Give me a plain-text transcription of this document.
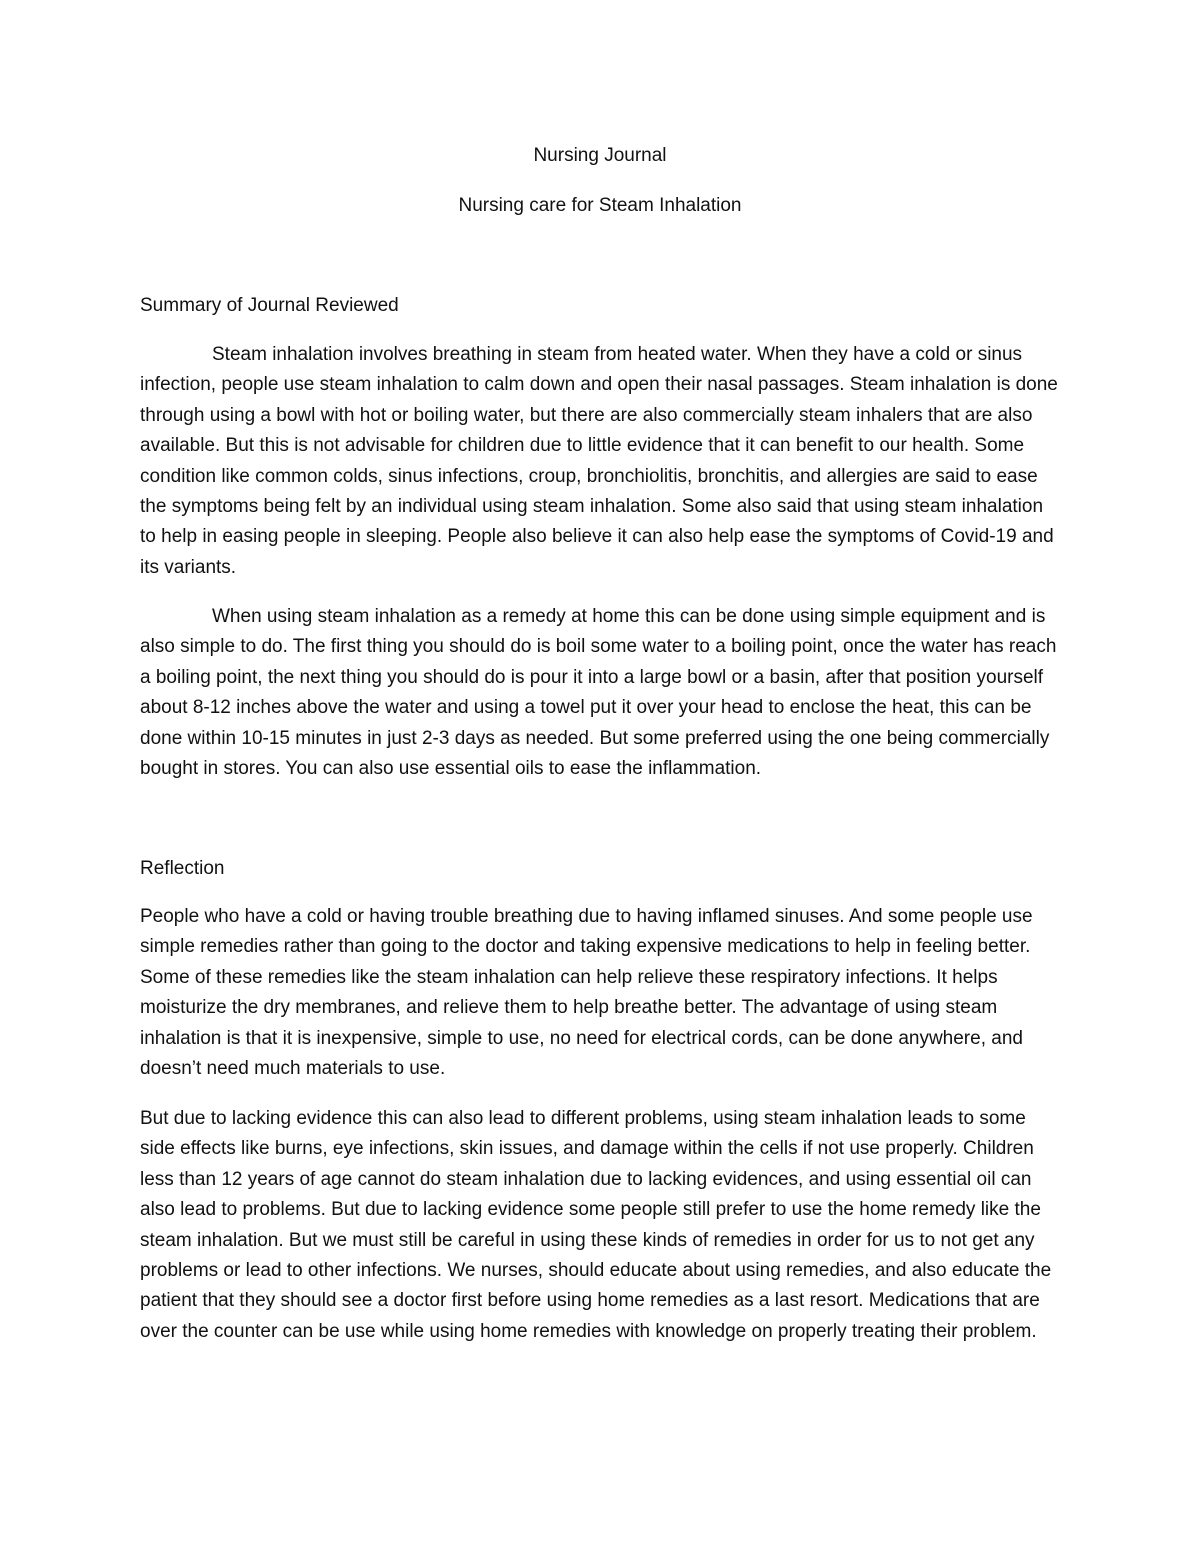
Nursing Journal
Nursing care for Steam Inhalation
Summary of Journal Reviewed

Steam inhalation involves breathing in steam from heated water. When they have a cold or sinus infection, people use steam inhalation to calm down and open their nasal passages. Steam inhalation is done through using a bowl with hot or boiling water, but there are also commercially steam inhalers that are also available. But this is not advisable for children due to little evidence that it can benefit to our health. Some condition like common colds, sinus infections, croup, bronchiolitis, bronchitis, and allergies are said to ease the symptoms being felt by an individual using steam inhalation. Some also said that using steam inhalation to help in easing people in sleeping. People also believe it can also help ease the symptoms of Covid-19 and its variants.

When using steam inhalation as a remedy at home this can be done using simple equipment and is also simple to do. The first thing you should do is boil some water to a boiling point, once the water has reach a boiling point, the next thing you should do is pour it into a large bowl or a basin, after that position yourself about 8-12 inches above the water and using a towel put it over your head to enclose the heat, this can be done within 10-15 minutes in just 2-3 days as needed. But some preferred using the one being commercially bought in stores. You can also use essential oils to ease the inflammation.

Reflection

People who have a cold or having trouble breathing due to having inflamed sinuses. And some people use simple remedies rather than going to the doctor and taking expensive medications to help in feeling better. Some of these remedies like the steam inhalation can help relieve these respiratory infections. It helps moisturize the dry membranes, and relieve them to help breathe better. The advantage of using steam inhalation is that it is inexpensive, simple to use, no need for electrical cords, can be done anywhere, and doesn’t need much materials to use.

But due to lacking evidence this can also lead to different problems, using steam inhalation leads to some side effects like burns, eye infections, skin issues, and damage within the cells if not use properly. Children less than 12 years of age cannot do steam inhalation due to lacking evidences, and using essential oil can also lead to problems. But due to lacking evidence some people still prefer to use the home remedy like the steam inhalation. But we must still be careful in using these kinds of remedies in order for us to not get any problems or lead to other infections. We nurses, should educate about using remedies, and also educate the patient that they should see a doctor first before using home remedies as a last resort. Medications that are over the counter can be use while using home remedies with knowledge on properly treating their problem.
